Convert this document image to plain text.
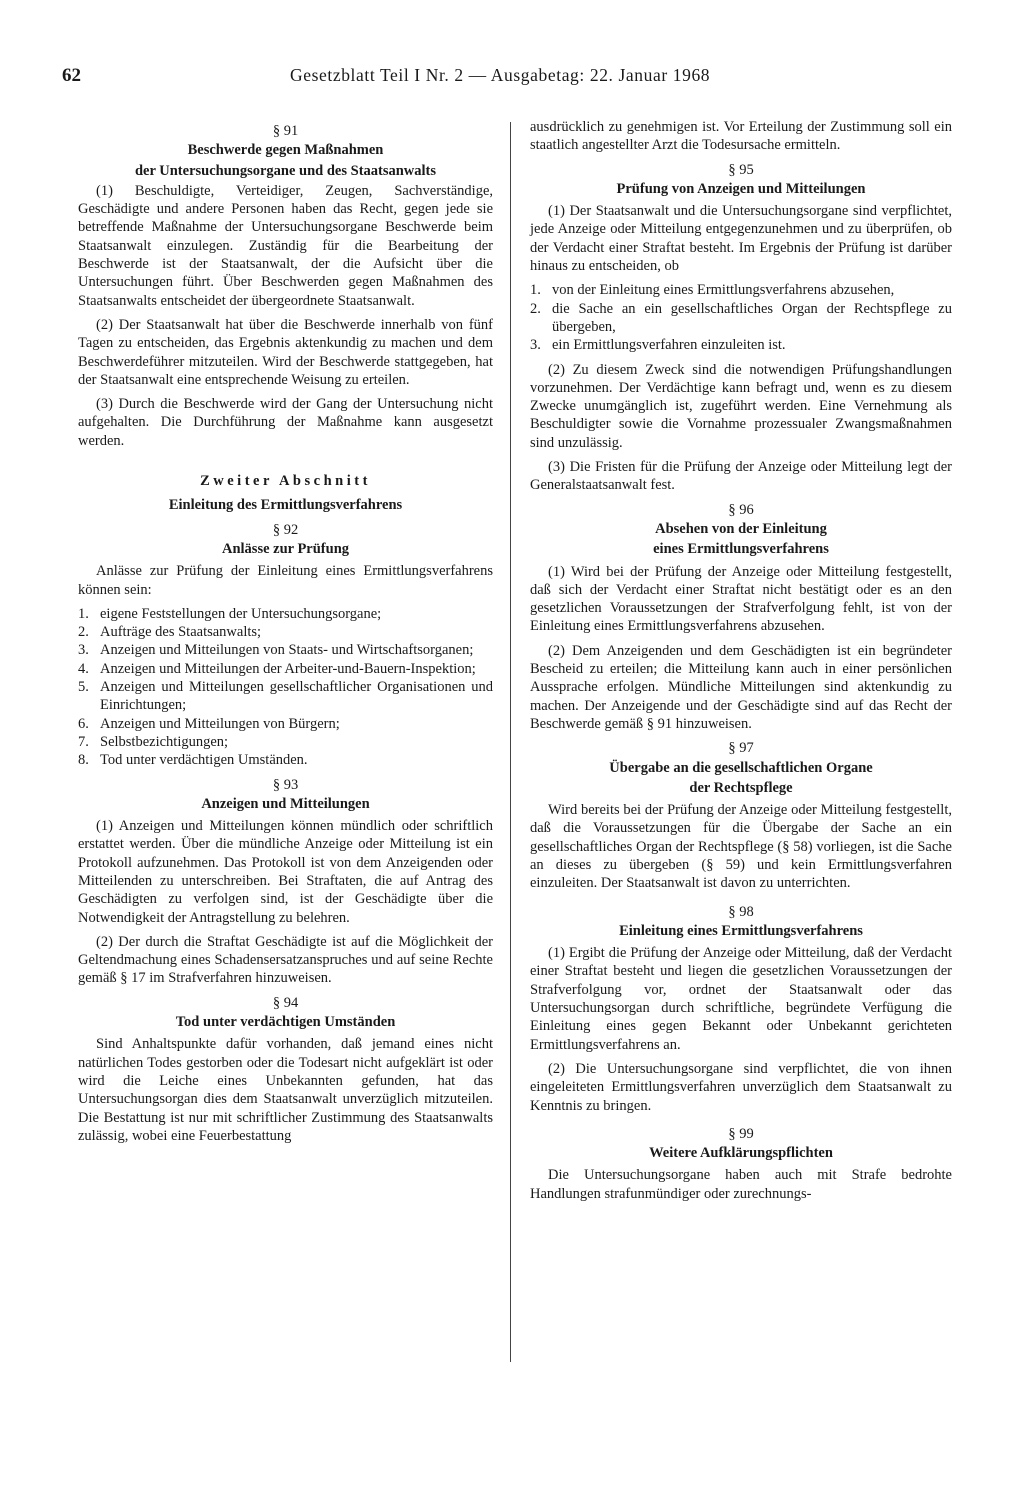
62	Gesetzblatt Teil I Nr. 2 — Ausgabetag: 22. Januar 1968
§ 91
Beschwerde gegen Maßnahmen
der Untersuchungsorgane und des Staatsanwalts

(1) Beschuldigte, Verteidiger, Zeugen, Sachverständige, Geschädigte und andere Personen haben das Recht, gegen jede sie betreffende Maßnahme der Untersuchungsorgane Beschwerde beim Staatsanwalt einzulegen. Zuständig für die Bearbeitung der Beschwerde ist der Staatsanwalt, der die Aufsicht über die Untersuchungen führt. Über Beschwerden gegen Maßnahmen des Staatsanwalts entscheidet der übergeordnete Staatsanwalt.

(2) Der Staatsanwalt hat über die Beschwerde innerhalb von fünf Tagen zu entscheiden, das Ergebnis aktenkundig zu machen und dem Beschwerdeführer mitzuteilen. Wird der Beschwerde stattgegeben, hat der Staatsanwalt eine entsprechende Weisung zu erteilen.

(3) Durch die Beschwerde wird der Gang der Untersuchung nicht aufgehalten. Die Durchführung der Maßnahme kann ausgesetzt werden.

Zweiter Abschnitt
Einleitung des Ermittlungsverfahrens
§ 92
Anlässe zur Prüfung

Anlässe zur Prüfung der Einleitung eines Ermittlungsverfahrens können sein:

1. eigene Feststellungen der Untersuchungsorgane;
2. Aufträge des Staatsanwalts;
3. Anzeigen und Mitteilungen von Staats- und Wirtschaftsorganen;
4. Anzeigen und Mitteilungen der Arbeiter-und-Bauern-Inspektion;
5. Anzeigen und Mitteilungen gesellschaftlicher Organisationen und Einrichtungen;
6. Anzeigen und Mitteilungen von Bürgern;
7. Selbstbezichtigungen;
8. Tod unter verdächtigen Umständen.
§ 93
Anzeigen und Mitteilungen

(1) Anzeigen und Mitteilungen können mündlich oder schriftlich erstattet werden. Über die mündliche Anzeige oder Mitteilung ist ein Protokoll aufzunehmen. Das Protokoll ist von dem Anzeigenden oder Mitteilenden zu unterschreiben. Bei Straftaten, die auf Antrag des Geschädigten zu verfolgen sind, ist der Geschädigte über die Notwendigkeit der Antragstellung zu belehren.

(2) Der durch die Straftat Geschädigte ist auf die Möglichkeit der Geltendmachung eines Schadensersatzanspruches und auf seine Rechte gemäß § 17 im Strafverfahren hinzuweisen.

§ 94
Tod unter verdächtigen Umständen

Sind Anhaltspunkte dafür vorhanden, daß jemand eines nicht natürlichen Todes gestorben oder die Todesart nicht aufgeklärt ist oder wird die Leiche eines Unbekannten gefunden, hat das Untersuchungsorgan dies dem Staatsanwalt unverzüglich mitzuteilen. Die Bestattung ist nur mit schriftlicher Zustimmung des Staatsanwalts zulässig, wobei eine Feuerbestattung

ausdrücklich zu genehmigen ist. Vor Erteilung der Zustimmung soll ein staatlich angestellter Arzt die Todesursache ermitteln.

§ 95
Prüfung von Anzeigen und Mitteilungen

(1) Der Staatsanwalt und die Untersuchungsorgane sind verpflichtet, jede Anzeige oder Mitteilung entgegenzunehmen und zu überprüfen, ob der Verdacht einer Straftat besteht. Im Ergebnis der Prüfung ist darüber hinaus zu entscheiden, ob

1. von der Einleitung eines Ermittlungsverfahrens abzusehen,
2. die Sache an ein gesellschaftliches Organ der Rechtspflege zu übergeben,
3. ein Ermittlungsverfahren einzuleiten ist.

(2) Zu diesem Zweck sind die notwendigen Prüfungshandlungen vorzunehmen. Der Verdächtige kann befragt und, wenn es zu diesem Zwecke unumgänglich ist, zugeführt werden. Eine Vernehmung als Beschuldigter sowie die Vornahme prozessualer Zwangsmaßnahmen sind unzulässig.

(3) Die Fristen für die Prüfung der Anzeige oder Mitteilung legt der Generalstaatsanwalt fest.

§ 96
Absehen von der Einleitung
eines Ermittlungsverfahrens

(1) Wird bei der Prüfung der Anzeige oder Mitteilung festgestellt, daß sich der Verdacht einer Straftat nicht bestätigt oder es an den gesetzlichen Voraussetzungen der Strafverfolgung fehlt, ist von der Einleitung eines Ermittlungsverfahrens abzusehen.

(2) Dem Anzeigenden und dem Geschädigten ist ein begründeter Bescheid zu erteilen; die Mitteilung kann auch in einer persönlichen Aussprache erfolgen. Mündliche Mitteilungen sind aktenkundig zu machen. Der Anzeigende und der Geschädigte sind auf das Recht der Beschwerde gemäß § 91 hinzuweisen.

§ 97
Übergabe an die gesellschaftlichen Organe
der Rechtspflege

Wird bereits bei der Prüfung der Anzeige oder Mitteilung festgestellt, daß die Voraussetzungen für die Übergabe der Sache an ein gesellschaftliches Organ der Rechtspflege (§ 58) vorliegen, ist die Sache an dieses zu übergeben (§ 59) und kein Ermittlungsverfahren einzuleiten. Der Staatsanwalt ist davon zu unterrichten.

§ 98
Einleitung eines Ermittlungsverfahrens

(1) Ergibt die Prüfung der Anzeige oder Mitteilung, daß der Verdacht einer Straftat besteht und liegen die gesetzlichen Voraussetzungen der Strafverfolgung vor, ordnet der Staatsanwalt oder das Untersuchungsorgan durch schriftliche, begründete Verfügung die Einleitung eines gegen Bekannt oder Unbekannt gerichteten Ermittlungsverfahrens an.

(2) Die Untersuchungsorgane sind verpflichtet, die von ihnen eingeleiteten Ermittlungsverfahren unverzüglich dem Staatsanwalt zu Kenntnis zu bringen.

§ 99
Weitere Aufklärungspflichten

Die Untersuchungsorgane haben auch mit Strafe bedrohte Handlungen strafunmündiger oder zurechnungs-
